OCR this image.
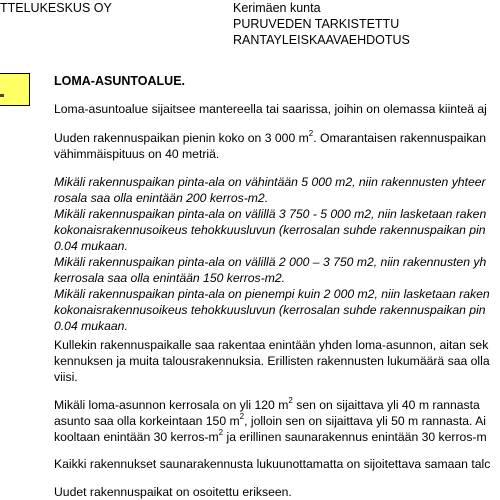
TTELUKESKUS OY	Kerimäen kunta
PURUVEDEN TARKISTETTU
RANTAYLEISKAAVAEHDOTUS
LOMA-ASUNTOALUE.
Loma-asuntoalue sijaitsee mantereella tai saarissa, joihin on olemassa kiinteä aj
Uuden rakennuspaikan pienin koko on 3 000 $m^2$. Omarantaisen rakennuspaikan
vähimmäispituus on 40 metriä.
Mikäli rakennuspaikan pinta-ala on vähintään 5 000 m2, niin rakennusten yhteer
rosala saa olla enintään 200 kerros-m2.
Mikäli rakennuspaikan pinta-ala on välillä 3 750 - 5 000 m2, niin lasketaan raken
kokonaisrakennusoikeus tehokkuusluvun (kerrosalan suhde rakennuspaikan pin
0.04 mukaan.
Mikäli rakennuspaikan pinta-ala on välillä 2 000 – 3 750 m2, niin rakennusten yh
kerrosala saa olla enintään 150 kerros-m2.
Mikäli rakennuspaikan pinta-ala on pienempi kuin 2 000 m2, niin lasketaan raken
kokonaisrakennusoikeus tehokkuusluvun (kerrosalan suhde rakennuspaikan pin
0.04 mukaan.
Kullekin rakennuspaikalle saa rakentaa enintään yhden loma-asunnon, aitan sek
kennuksen ja muita talousrakennuksia. Erillisten rakennusten lukumäärä saa olla
viisi.
Mikäli loma-asunnon kerrosala on yli 120 $m^2$ sen on sijaittava yli 40 m rannasta
asunto saa olla korkeintaan 150 $m^2$, jolloin sen on sijaittava yli 50 m rannasta. Ai
kooltaan enintään 30 kerros-$m^2$ ja erillinen saunarakennus enintään 30 kerros-m
Kaikki rakennukset saunarakennusta lukuunottamatta on sijoitettava samaan talc
Uudet rakennuspaikat on osoitettu erikseen.
